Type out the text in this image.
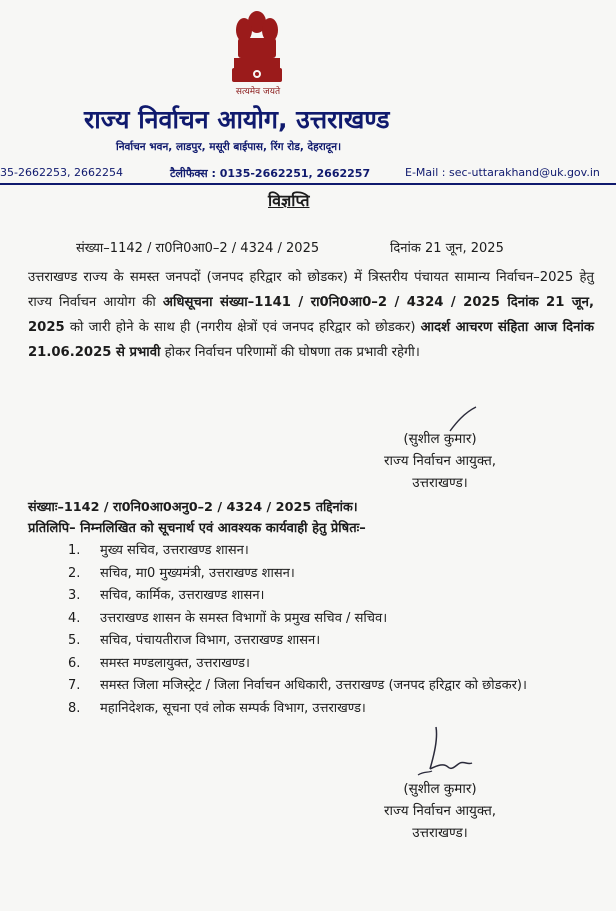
सत्यमेव जयते
राज्य निर्वाचन आयोग, उत्तराखण्ड
निर्वाचन भवन, लाडपुर, मसूरी बाईपास, रिंग रोड, देहरादून।
35-2662253, 2662254	टैलीफैक्स : 0135-2662251, 2662257	E-Mail : sec-uttarakhand@uk.gov.in
विज्ञप्ति
संख्या–1142 / रा0नि0आ0–2 / 4324 / 2025	दिनांक 21 जून, 2025
उत्तराखण्ड राज्य के समस्त जनपदों (जनपद हरिद्वार को छोडकर) में त्रिस्तरीय पंचायत सामान्य निर्वाचन–2025 हेतु राज्य निर्वाचन आयोग की अधिसूचना संख्या–1141 / रा0नि0आ0–2 / 4324 / 2025 दिनांक 21 जून, 2025 को जारी होने के साथ ही (नगरीय क्षेत्रों एवं जनपद हरिद्वार को छोडकर) आदर्श आचरण संहिता आज दिनांक 21.06.2025 से प्रभावी होकर निर्वाचन परिणामों की घोषणा तक प्रभावी रहेगी।
(सुशील कुमार)
राज्य निर्वाचन आयुक्त,
उत्तराखण्ड।
संख्याः–1142 / रा0नि0आ0अनु0–2 / 4324 / 2025 तद्दिनांक।
प्रतिलिपि– निम्नलिखित को सूचनार्थ एवं आवश्यक कार्यवाही हेतु प्रेषितः–
1.	मुख्य सचिव, उत्तराखण्ड शासन।
2.	सचिव, मा0 मुख्यमंत्री, उत्तराखण्ड शासन।
3.	सचिव, कार्मिक, उत्तराखण्ड शासन।
4.	उत्तराखण्ड शासन के समस्त विभागों के प्रमुख सचिव / सचिव।
5.	सचिव, पंचायतीराज विभाग, उत्तराखण्ड शासन।
6.	समस्त मण्डलायुक्त, उत्तराखण्ड।
7.	समस्त जिला मजिस्ट्रेट / जिला निर्वाचन अधिकारी, उत्तराखण्ड (जनपद हरिद्वार को छोडकर)।
8.	महानिदेशक, सूचना एवं लोक सम्पर्क विभाग, उत्तराखण्ड।
(सुशील कुमार)
राज्य निर्वाचन आयुक्त,
उत्तराखण्ड।
